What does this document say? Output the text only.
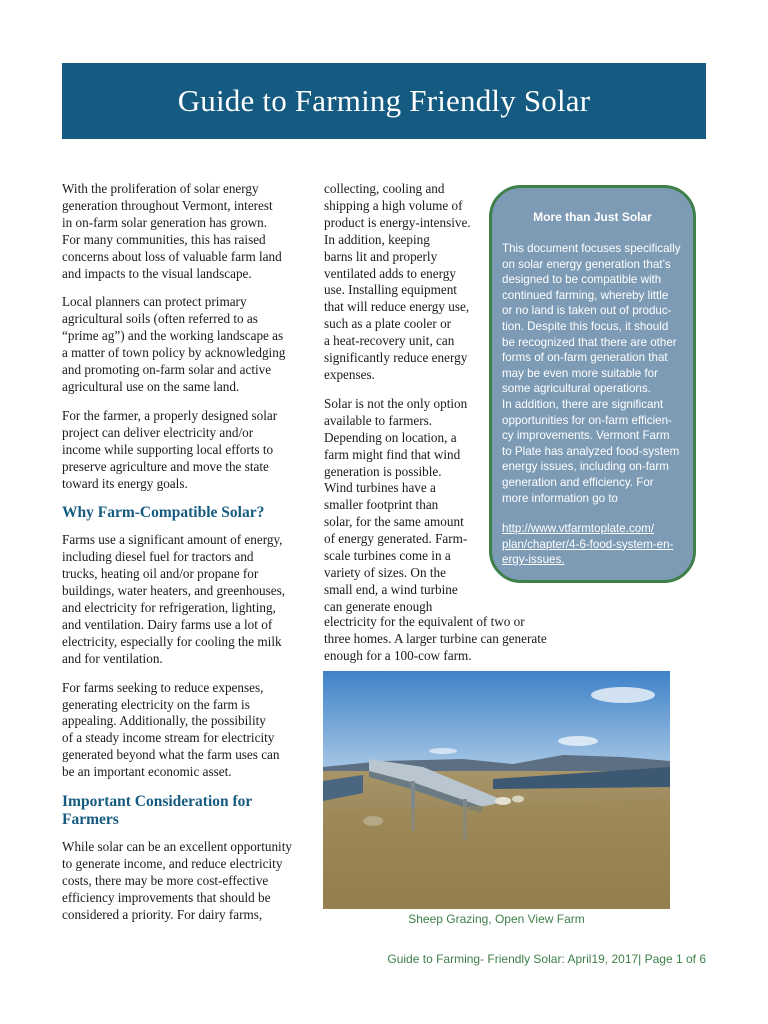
Guide to Farming Friendly Solar

With the proliferation of solar energy
generation throughout Vermont, interest
in on-farm solar generation has grown.
For many communities, this has raised
concerns about loss of valuable farm land
and impacts to the visual landscape.

Local planners can protect primary
agricultural soils (often referred to as
“prime ag”) and the working landscape as
a matter of town policy by acknowledging
and promoting on-farm solar and active
agricultural use on the same land.

For the farmer, a properly designed solar
project can deliver electricity and/or
income while supporting local efforts to
preserve agriculture and move the state
toward its energy goals.

Why Farm-Compatible Solar?

Farms use a significant amount of energy,
including diesel fuel for tractors and
trucks, heating oil and/or propane for
buildings, water heaters, and greenhouses,
and electricity for refrigeration, lighting,
and ventilation. Dairy farms use a lot of
electricity, especially for cooling the milk
and for ventilation.

For farms seeking to reduce expenses,
generating electricity on the farm is
appealing. Additionally, the possibility
of a steady income stream for electricity
generated beyond what the farm uses can
be an important economic asset.

Important Consideration for Farmers

While solar can be an excellent opportunity
to generate income, and reduce electricity
costs, there may be more cost-effective
efficiency improvements that should be
considered a priority. For dairy farms,

collecting, cooling and
shipping a high volume of
product is energy-intensive.
In addition, keeping
barns lit and properly
ventilated adds to energy
use. Installing equipment
that will reduce energy use,
such as a plate cooler or
a heat-recovery unit, can
significantly reduce energy
expenses.

Solar is not the only option
available to farmers.
Depending on location, a
farm might find that wind
generation is possible.
Wind turbines have a
smaller footprint than
solar, for the same amount
of energy generated. Farm-
scale turbines come in a
variety of sizes. On the
small end, a wind turbine
can generate enough

electricity for the equivalent of two or
three homes. A larger turbine can generate
enough for a 100-cow farm.

More than Just Solar
This document focuses specifically
on solar energy generation that’s
designed to be compatible with
continued farming, whereby little
or no land is taken out of produc-
tion. Despite this focus, it should
be recognized that there are other
forms of on-farm generation that
may be even more suitable for
some agricultural operations.
In addition, there are significant
opportunities for on-farm efficien-
cy improvements. Vermont Farm
to Plate has analyzed food-system
energy issues, including on-farm
generation and efficiency. For
more information go to
http://www.vtfarmtoplate.com/
plan/chapter/4-6-food-system-en-
ergy-issues.
Sheep Grazing, Open View Farm
Guide to Farming- Friendly Solar: April19, 2017| Page 1 of 6
